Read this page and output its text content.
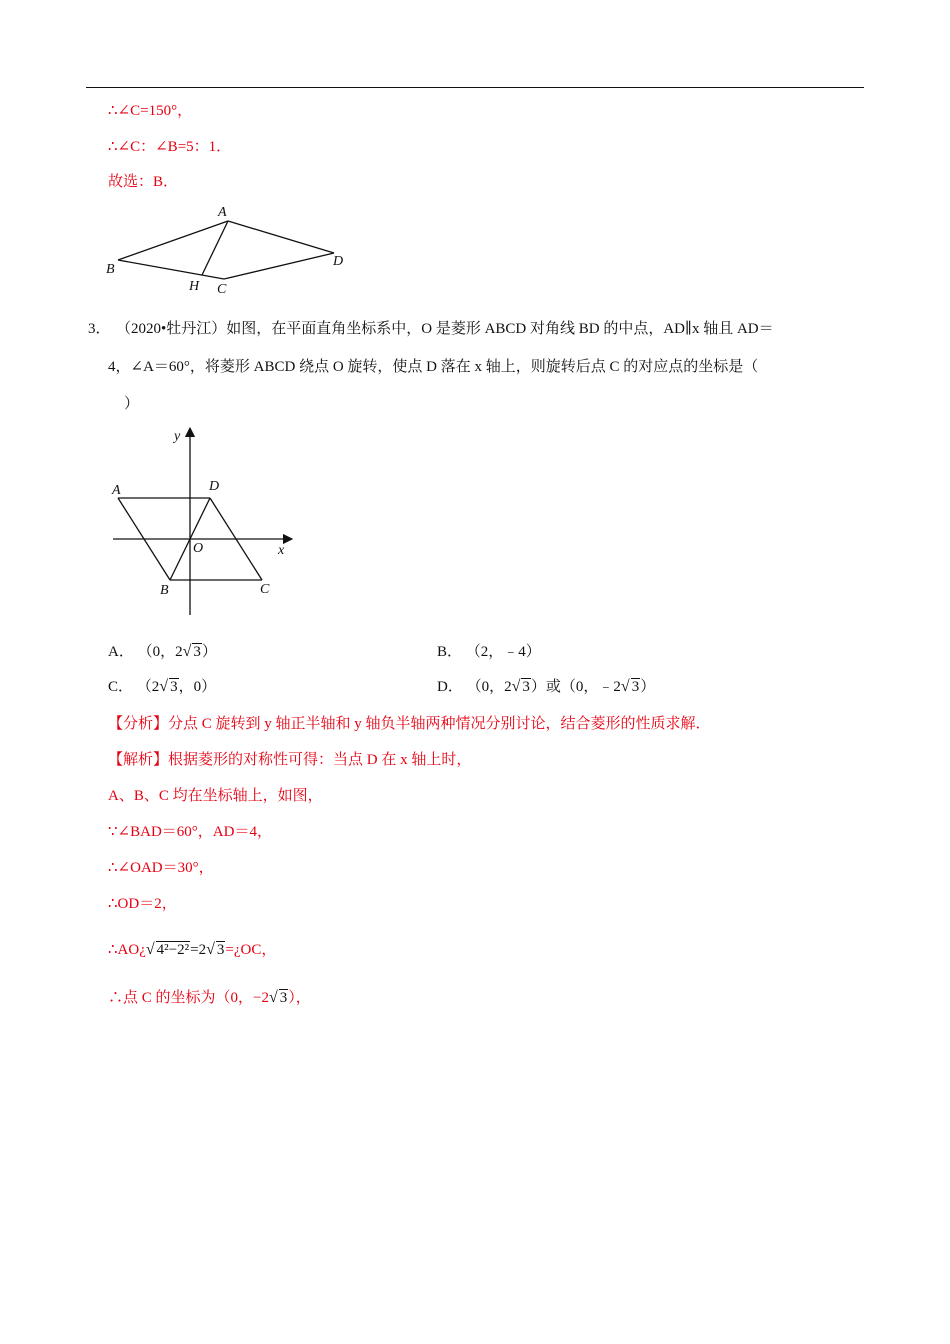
∴∠C=150°，
∴∠C：∠B=5：1．
故选：B．
A
B
H C
D
3． （2020•牡丹江）如图，在平面直角坐标系中，O 是菱形 ABCD 对角线 BD 的中点，AD∥x 轴且 AD＝
4，∠A＝60°，将菱形 ABCD 绕点 O 旋转，使点 D 落在 x 轴上，则旋转后点 C 的对应点的坐标是（
）
y
x
A	D
O
B	C
A． （0，2√ 3）	B． （2，﹣4）
C． （2√ 3，0）	D． （0，2√ 3）或（0，﹣2√ 3）
【分析】分点 C 旋转到 y 轴正半轴和 y 轴负半轴两种情况分别讨论，结合菱形的性质求解．
【解析】根据菱形的对称性可得：当点 D 在 x 轴上时，
A、B、C 均在坐标轴上，如图，
∵∠BAD＝60°，AD＝4，
∴∠OAD＝30°，
∴OD＝2，
∴AO¿√ 4²−2²=2√ 3=¿OC，
∴点 C 的坐标为（0，−2√ 3），
